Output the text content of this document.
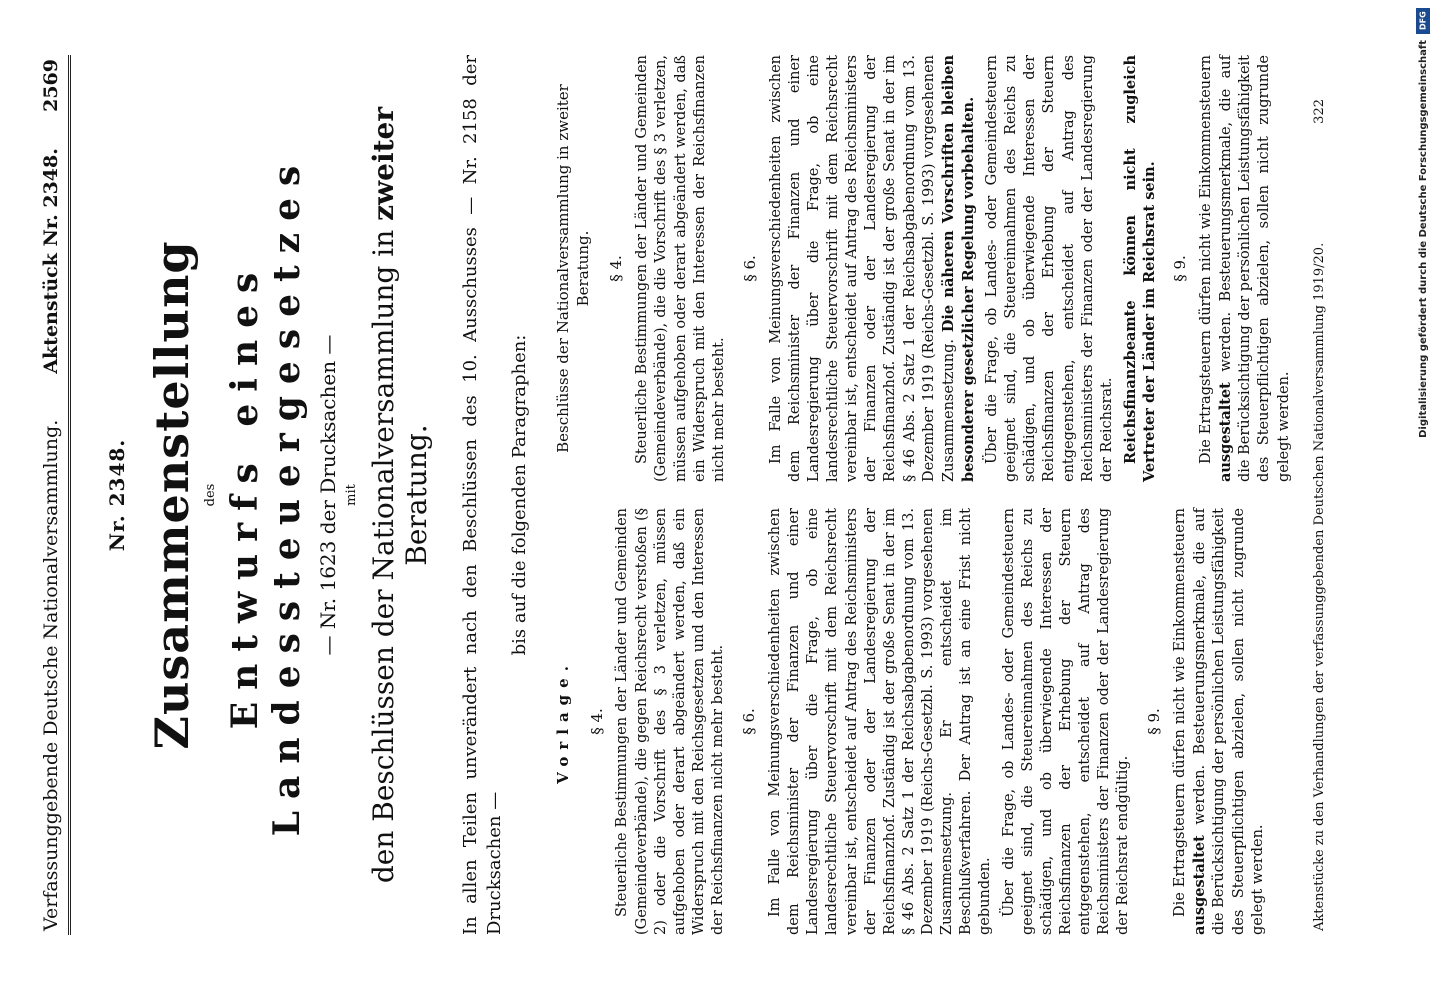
Verfassunggebende Deutsche Nationalversammlung.
Aktenstück Nr. 2348.      2569
Nr. 2348. Zusammenstellung des Entwurfs eines Landessteuergesetzes — Nr. 1623 der Drucksachen — mit den Beschlüssen der Nationalversammlung in zweiter Beratung. In allen Teilen unverändert nach den Beschlüssen des 10. Ausschusses — Nr. 2158 der Drucksachen —
bis auf die folgenden Paragraphen:
Vorlage. § 4. Steuerliche Bestimmungen der Länder und Gemeinden (Gemeindeverbände), die gegen Reichsrecht verstoßen (§ 2) oder die Vorschrift des § 3 verletzen, müssen aufgehoben oder derart abgeändert werden, daß ein Widerspruch mit den Reichsgesetzen und den Interessen der Reichsfinanzen nicht mehr besteht. § 6. Im Falle von Meinungsverschiedenheiten zwischen dem Reichsminister der Finanzen und einer Landesregierung über die Frage, ob eine landesrechtliche Steuervorschrift mit dem Reichsrecht vereinbar ist, entscheidet auf Antrag des Reichsministers der Finanzen oder der Landesregierung der Reichsfinanzhof. Zuständig ist der große Senat in der im § 46 Abs. 2 Satz 1 der Reichsabgabenordnung vom 13. Dezember 1919 (Reichs-Gesetzbl. S. 1993) vorgesehenen Zusammensetzung. Er entscheidet im Beschlußverfahren. Der Antrag ist an eine Frist nicht gebunden. Über die Frage, ob Landes- oder Gemeindesteuern geeignet sind, die Steuereinnahmen des Reichs zu schädigen, und ob überwiegende Interessen der Reichsfinanzen der Erhebung der Steuern entgegenstehen, entscheidet auf Antrag des Reichsministers der Finanzen oder der Landesregierung der Reichsrat endgültig.

§ 9. Die Ertragsteuern dürfen nicht wie Einkommensteuern ausgestaltet werden. Besteuerungsmerkmale, die auf die Berücksichtigung der persönlichen Leistungsfähigkeit des Steuerpflichtigen abzielen, sollen nicht zugrunde gelegt werden.

Beschlüsse der Nationalversammlung in zweiter Beratung. § 4. Steuerliche Bestimmungen der Länder und Gemeinden (Gemeindeverbände), die die Vorschrift des § 3 verletzen, müssen aufgehoben oder derart abgeändert werden, daß ein Widerspruch mit den Interessen der Reichsfinanzen nicht mehr besteht.

§ 6. Im Falle von Meinungsverschiedenheiten zwischen dem Reichsminister der Finanzen und einer Landesregierung über die Frage, ob eine landesrechtliche Steuervorschrift mit dem Reichsrecht vereinbar ist, entscheidet auf Antrag des Reichsministers der Finanzen oder der Landesregierung der Reichsfinanzhof. Zuständig ist der große Senat in der im § 46 Abs. 2 Satz 1 der Reichsabgabenordnung vom 13. Dezember 1919 (Reichs-Gesetzbl. S. 1993) vorgesehenen Zusammensetzung. Die näheren Vorschriften bleiben besonderer gesetzlicher Regelung vorbehalten. Über die Frage, ob Landes- oder Gemeindesteuern geeignet sind, die Steuereinnahmen des Reichs zu schädigen, und ob überwiegende Interessen der Reichsfinanzen der Erhebung der Steuern entgegenstehen, entscheidet auf Antrag des Reichsministers der Finanzen oder der Landesregierung der Reichsrat. Reichsfinanzbeamte können nicht zugleich Vertreter der Länder im Reichsrat sein. § 9. Die Ertragsteuern dürfen nicht wie Einkommensteuern ausgestaltet werden. Besteuerungsmerkmale, die auf die Berücksichtigung der persönlichen Leistungsfähigkeit des Steuerpflichtigen abzielen, sollen nicht zugrunde gelegt werden. Aktenstücke zu den Verhandlungen der verfassunggebenden Deutschen Nationalversammlung 1919/20.
322
DFG
Digitalisierung gefördert durch die Deutsche Forschungsgemeinschaft
